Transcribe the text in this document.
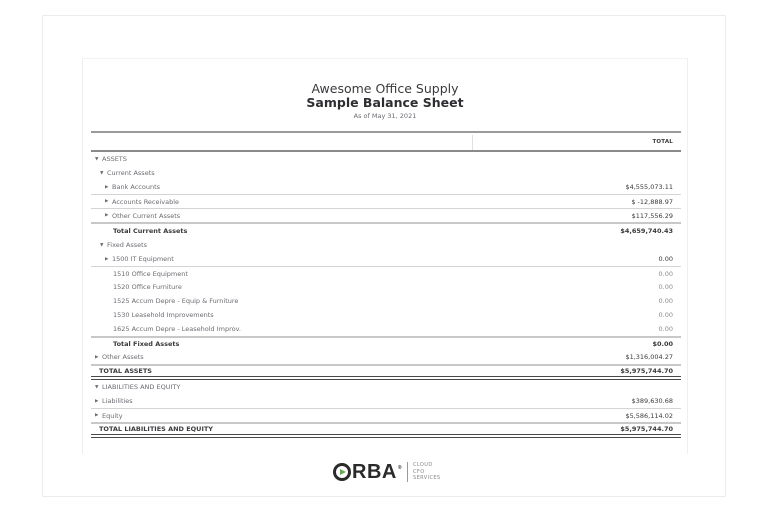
Awesome Office Supply
Sample Balance Sheet
As of May 31, 2021
TOTAL
▼ ASSETS
▼ Current Assets
▶ Bank Accounts	$4,555,073.11
▶ Accounts Receivable	$ -12,888.97
▶ Other Current Assets	$117,556.29
Total Current Assets	$4,659,740.43
▼ Fixed Assets
▶ 1500 IT Equipment	0.00
1510 Office Equipment	0.00
1520 Office Furniture	0.00
1525 Accum Depre - Equip & Furniture	0.00
1530 Leasehold Improvements	0.00
1625 Accum Depre - Leasehold Improv.	0.00
Total Fixed Assets	$0.00
▶ Other Assets	$1,316,004.27
TOTAL ASSETS	$5,975,744.70
▼ LIABILITIES AND EQUITY
▶ Liabilities	$389,630.68
▶ Equity	$5,586,114.02
TOTAL LIABILITIES AND EQUITY	$5,975,744.70
RBA ® CLOUD
CFO
SERVICES
